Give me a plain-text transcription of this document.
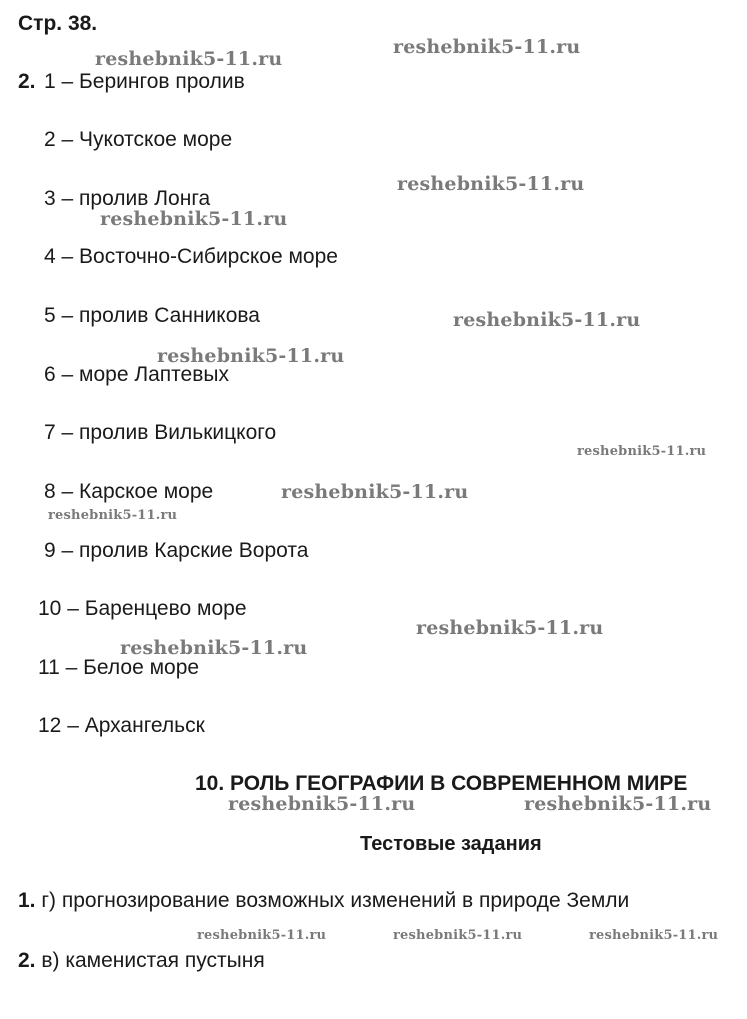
Стр. 38.
2. 1 – Берингов пролив
2 – Чукотское море
3 – пролив Лонга
4 – Восточно-Сибирское море
5 – пролив Санникова
6 – море Лаптевых
7 – пролив Вилькицкого
8 – Карское море
9 – пролив Карские Ворота
10 – Баренцево море
11 – Белое море
12 – Архангельск
10. РОЛЬ ГЕОГРАФИИ В СОВРЕМЕННОМ МИРЕ
Тестовые задания
1. г) прогнозирование возможных изменений в природе Земли
2. в) каменистая пустыня
reshebnik5-11.ru
reshebnik5-11.ru
reshebnik5-11.ru
reshebnik5-11.ru
reshebnik5-11.ru
reshebnik5-11.ru
reshebnik5-11.ru
reshebnik5-11.ru
reshebnik5-11.ru
reshebnik5-11.ru
reshebnik5-11.ru
reshebnik5-11.ru	reshebnik5-11.ru
reshebnik5-11.ru	reshebnik5-11.ru	reshebnik5-11.ru
